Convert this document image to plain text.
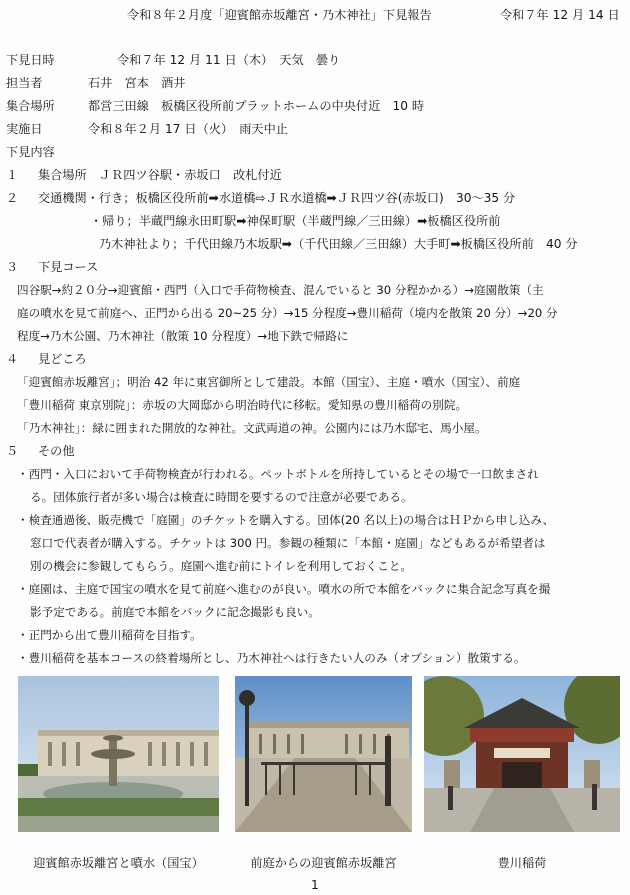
令和８年２月度「迎賓館赤坂離宮・乃木神社」下見報告	令和７年 12 月 14 日
下見日時	令和７年 12 月 11 日（木）　天気　曇り
担当者	石井　宮本　酒井
集合場所	都営三田線　板橋区役所前プラットホームの中央付近　10 時
実施日	令和８年２月 17 日（火）　雨天中止
下見内容
１ 集合場所　ＪＲ四ツ谷駅・赤坂口　改札付近
２ 交通機関・行き；板橋区役所前➡水道橋⇨ＪＲ水道橋➡ＪＲ四ツ谷(赤坂口)　30～35 分
・帰り；半蔵門線永田町駅➡神保町駅（半蔵門線／三田線）➡板橋区役所前
乃木神社より；千代田線乃木坂駅➡（千代田線／三田線）大手町➡板橋区役所前　40 分
３ 下見コース
四谷駅→約２０分→迎賓館・西門（入口で手荷物検査、混んでいると 30 分程かかる）→庭園散策（主
庭の噴水を見て前庭へ、正門から出る 20~25 分）→15 分程度→豊川稲荷（境内を散策 20 分）→20 分
程度→乃木公園、乃木神社（散策 10 分程度）→地下鉄で帰路に
４ 見どころ
「迎賓館赤坂離宮」；明治 42 年に東宮御所として建設。本館（国宝）、主庭・噴水（国宝）、前庭
「豊川稲荷 東京別院」：赤坂の大岡邸から明治時代に移転。愛知県の豊川稲荷の別院。
「乃木神社」：緑に囲まれた開放的な神社。文武両道の神。公園内には乃木邸宅、馬小屋。
５ その他
・西門・入口において手荷物検査が行われる。ペットボトルを所持しているとその場で一口飲まされ
る。団体旅行者が多い場合は検査に時間を要するので注意が必要である。
・検査通過後、販売機で「庭園」のチケットを購入する。団体(20 名以上)の場合はＨＰから申し込み、
窓口で代表者が購入する。チケットは 300 円。参観の種類に「本館・庭園」などもあるが希望者は
別の機会に参観してもらう。庭園へ進む前にトイレを利用しておくこと。
・庭園は、主庭で国宝の噴水を見て前庭へ進むのが良い。噴水の所で本館をバックに集合記念写真を撮
影予定である。前庭で本館をバックに記念撮影も良い。
・正門から出て豊川稲荷を目指す。
・豊川稲荷を基本コースの終着場所とし、乃木神社へは行きたい人のみ（オプション）散策する。
迎賓館赤坂離宮と噴水（国宝）	前庭からの迎賓館赤坂離宮	豊川稲荷
1
